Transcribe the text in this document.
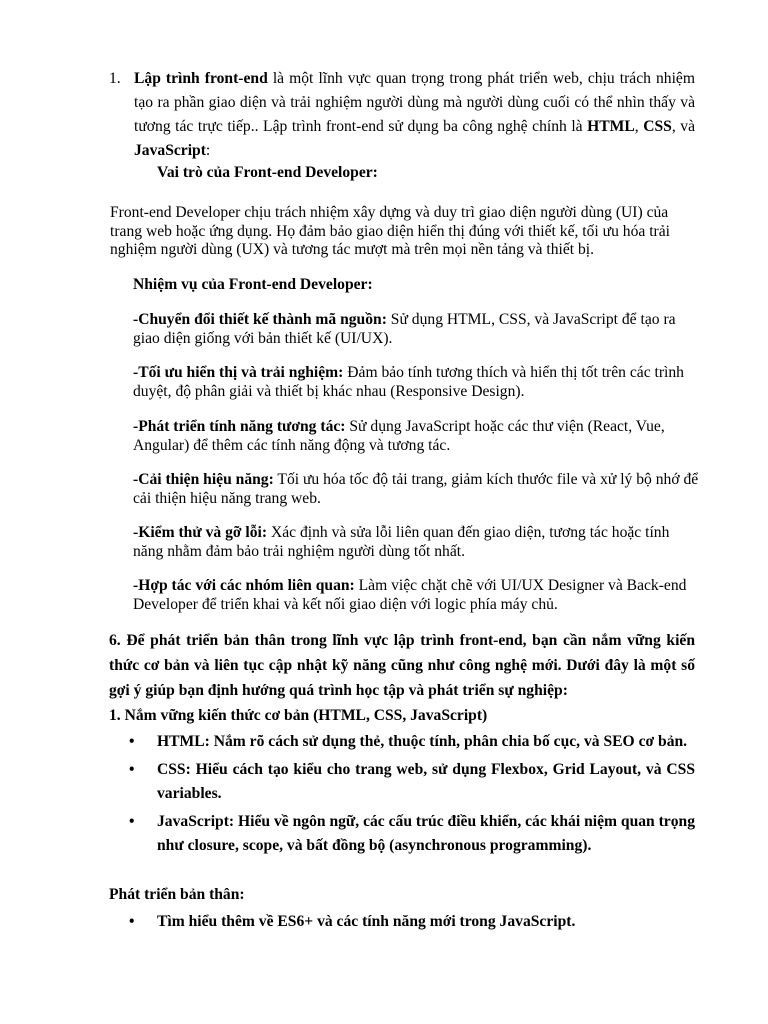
1. Lập trình front-end là một lĩnh vực quan trọng trong phát triển web, chịu trách nhiệm tạo ra phần giao diện và trải nghiệm người dùng mà người dùng cuối có thể nhìn thấy và tương tác trực tiếp.. Lập trình front-end sử dụng ba công nghệ chính là HTML, CSS, và JavaScript:
Vai trò của Front-end Developer:
Front-end Developer chịu trách nhiệm xây dựng và duy trì giao diện người dùng (UI) của trang web hoặc ứng dụng. Họ đảm bảo giao diện hiển thị đúng với thiết kế, tối ưu hóa trải nghiệm người dùng (UX) và tương tác mượt mà trên mọi nền tảng và thiết bị.
Nhiệm vụ của Front-end Developer:
-Chuyển đổi thiết kế thành mã nguồn: Sử dụng HTML, CSS, và JavaScript để tạo ra giao diện giống với bản thiết kế (UI/UX).
-Tối ưu hiển thị và trải nghiệm: Đảm bảo tính tương thích và hiển thị tốt trên các trình duyệt, độ phân giải và thiết bị khác nhau (Responsive Design).
-Phát triển tính năng tương tác: Sử dụng JavaScript hoặc các thư viện (React, Vue, Angular) để thêm các tính năng động và tương tác.
-Cải thiện hiệu năng: Tối ưu hóa tốc độ tải trang, giảm kích thước file và xử lý bộ nhớ để cải thiện hiệu năng trang web.
-Kiểm thử và gỡ lỗi: Xác định và sửa lỗi liên quan đến giao diện, tương tác hoặc tính năng nhằm đảm bảo trải nghiệm người dùng tốt nhất.
-Hợp tác với các nhóm liên quan: Làm việc chặt chẽ với UI/UX Designer và Back-end Developer để triển khai và kết nối giao diện với logic phía máy chủ.
6. Để phát triển bản thân trong lĩnh vực lập trình front-end, bạn cần nắm vững kiến thức cơ bản và liên tục cập nhật kỹ năng cũng như công nghệ mới. Dưới đây là một số gợi ý giúp bạn định hướng quá trình học tập và phát triển sự nghiệp:
1. Nắm vững kiến thức cơ bản (HTML, CSS, JavaScript)
• HTML: Nắm rõ cách sử dụng thẻ, thuộc tính, phân chia bố cục, và SEO cơ bản.
• CSS: Hiểu cách tạo kiểu cho trang web, sử dụng Flexbox, Grid Layout, và CSS variables.
• JavaScript: Hiểu về ngôn ngữ, các cấu trúc điều khiển, các khái niệm quan trọng như closure, scope, và bất đồng bộ (asynchronous programming).
Phát triển bản thân:
• Tìm hiểu thêm về ES6+ và các tính năng mới trong JavaScript.
